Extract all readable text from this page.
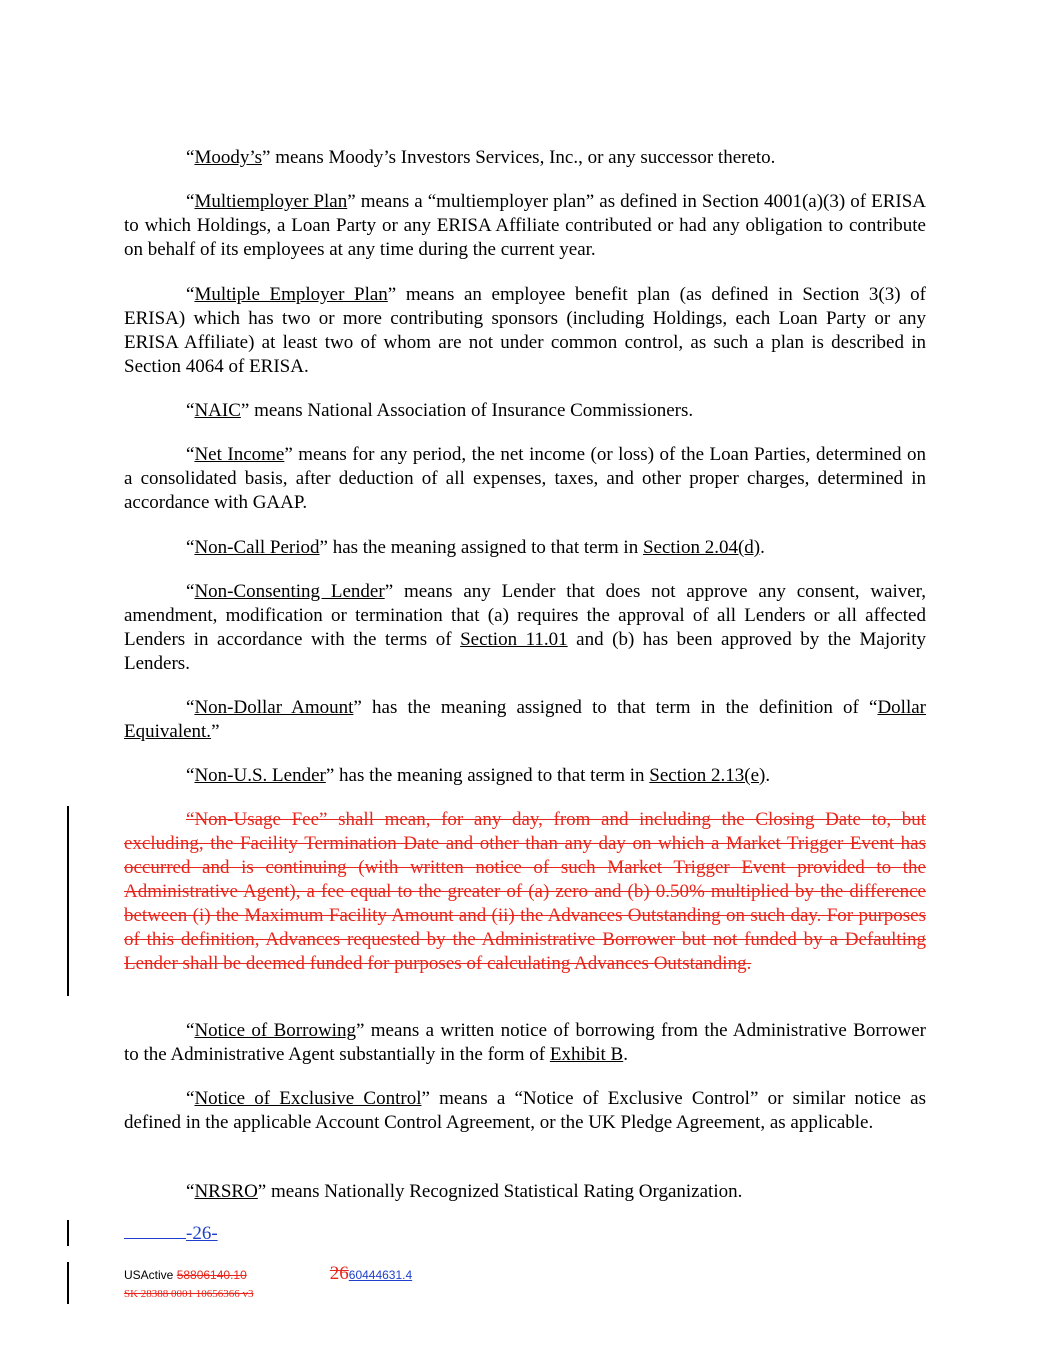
“Moody’s” means Moody’s Investors Services, Inc., or any successor thereto.

“Multiemployer Plan” means a “multiemployer plan” as defined in Section 4001(a)(3) of ERISA to which Holdings, a Loan Party or any ERISA Affiliate contributed or had any obligation to contribute on behalf of its employees at any time during the current year.

“Multiple Employer Plan” means an employee benefit plan (as defined in Section 3(3) of ERISA) which has two or more contributing sponsors (including Holdings, each Loan Party or any ERISA Affiliate) at least two of whom are not under common control, as such a plan is described in Section 4064 of ERISA.

“NAIC” means National Association of Insurance Commissioners.

“Net Income” means for any period, the net income (or loss) of the Loan Parties, determined on a consolidated basis, after deduction of all expenses, taxes, and other proper charges, determined in accordance with GAAP.

“Non-Call Period” has the meaning assigned to that term in Section 2.04(d).

“Non-Consenting Lender” means any Lender that does not approve any consent, waiver, amendment, modification or termination that (a) requires the approval of all Lenders or all affected Lenders in accordance with the terms of Section 11.01 and (b) has been approved by the Majority Lenders.

“Non-Dollar Amount” has the meaning assigned to that term in the definition of “Dollar Equivalent.”

“Non-U.S. Lender” has the meaning assigned to that term in Section 2.13(e).

“Non-Usage Fee” shall mean, for any day, from and including the Closing Date to, but excluding, the Facility Termination Date and other than any day on which a Market Trigger Event has occurred and is continuing (with written notice of such Market Trigger Event provided to the Administrative Agent), a fee equal to the greater of (a) zero and (b) 0.50% multiplied by the difference between (i) the Maximum Facility Amount and (ii) the Advances Outstanding on such day. For purposes of this definition, Advances requested by the Administrative Borrower but not funded by a Defaulting Lender shall be deemed funded for purposes of calculating Advances Outstanding.

“Notice of Borrowing” means a written notice of borrowing from the Administrative Borrower to the Administrative Agent substantially in the form of Exhibit B.

“Notice of Exclusive Control” means a “Notice of Exclusive Control” or similar notice as defined in the applicable Account Control Agreement, or the UK Pledge Agreement, as applicable.

“NRSRO” means Nationally Recognized Statistical Rating Organization.

-26-
USActive 58806140.10	2660444631.4
SK 28388 0001 10656366 v3
